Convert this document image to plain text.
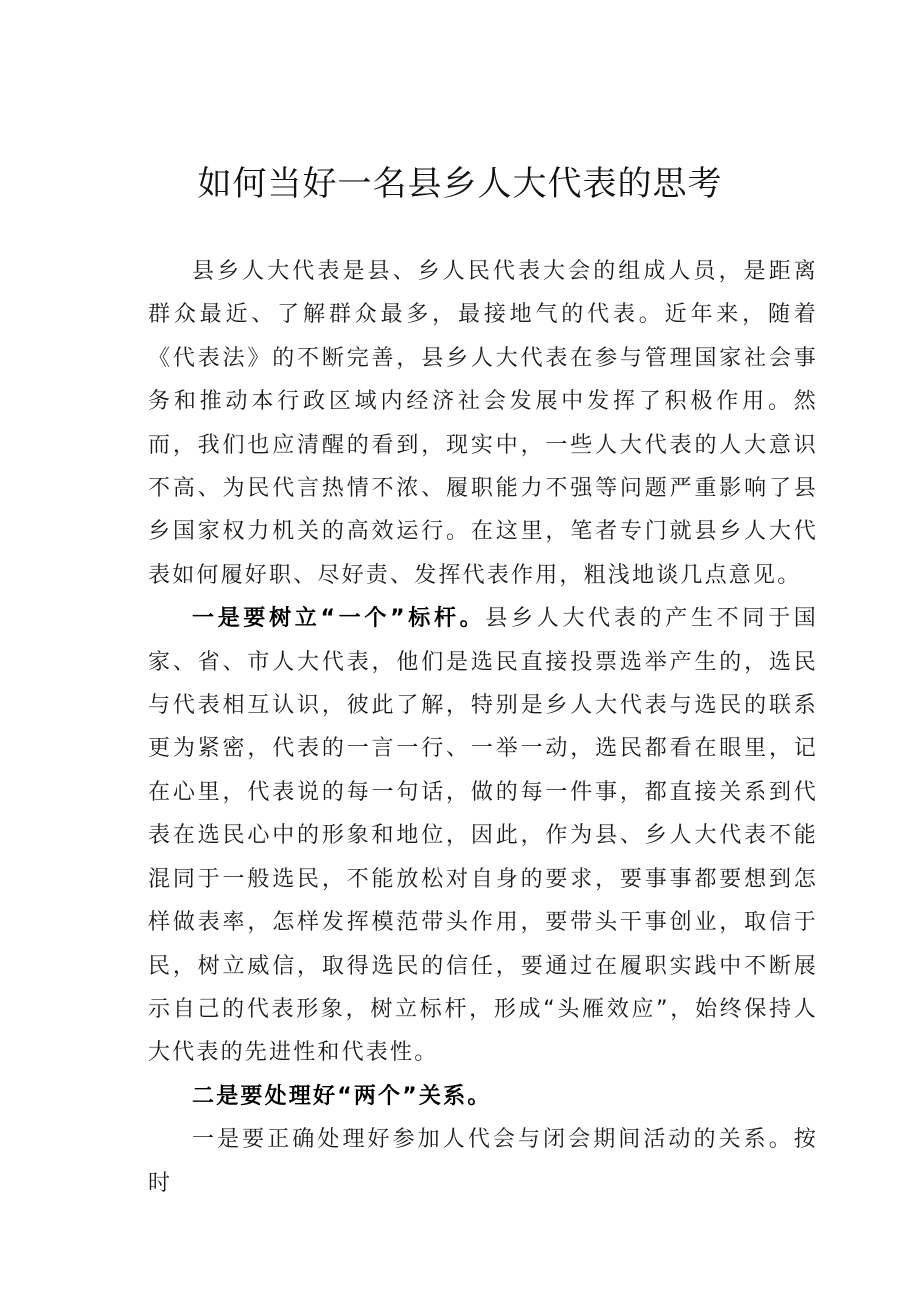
如何当好一名县乡人大代表的思考

县乡人大代表是县、乡人民代表大会的组成人员，是距离群众最近、了解群众最多，最接地气的代表。近年来，随着《代表法》的不断完善，县乡人大代表在参与管理国家社会事务和推动本行政区域内经济社会发展中发挥了积极作用。然而，我们也应清醒的看到，现实中，一些人大代表的人大意识不高、为民代言热情不浓、履职能力不强等问题严重影响了县乡国家权力机关的高效运行。在这里，笔者专门就县乡人大代表如何履好职、尽好责、发挥代表作用，粗浅地谈几点意见。

一是要树立“一个”标杆。县乡人大代表的产生不同于国家、省、市人大代表，他们是选民直接投票选举产生的，选民与代表相互认识，彼此了解，特别是乡人大代表与选民的联系更为紧密，代表的一言一行、一举一动，选民都看在眼里，记在心里，代表说的每一句话，做的每一件事，都直接关系到代表在选民心中的形象和地位，因此，作为县、乡人大代表不能混同于一般选民，不能放松对自身的要求，要事事都要想到怎样做表率，怎样发挥模范带头作用，要带头干事创业，取信于民，树立威信，取得选民的信任，要通过在履职实践中不断展示自己的代表形象，树立标杆，形成“头雁效应”，始终保持人大代表的先进性和代表性。

二是要处理好“两个”关系。

一是要正确处理好参加人代会与闭会期间活动的关系。按时
